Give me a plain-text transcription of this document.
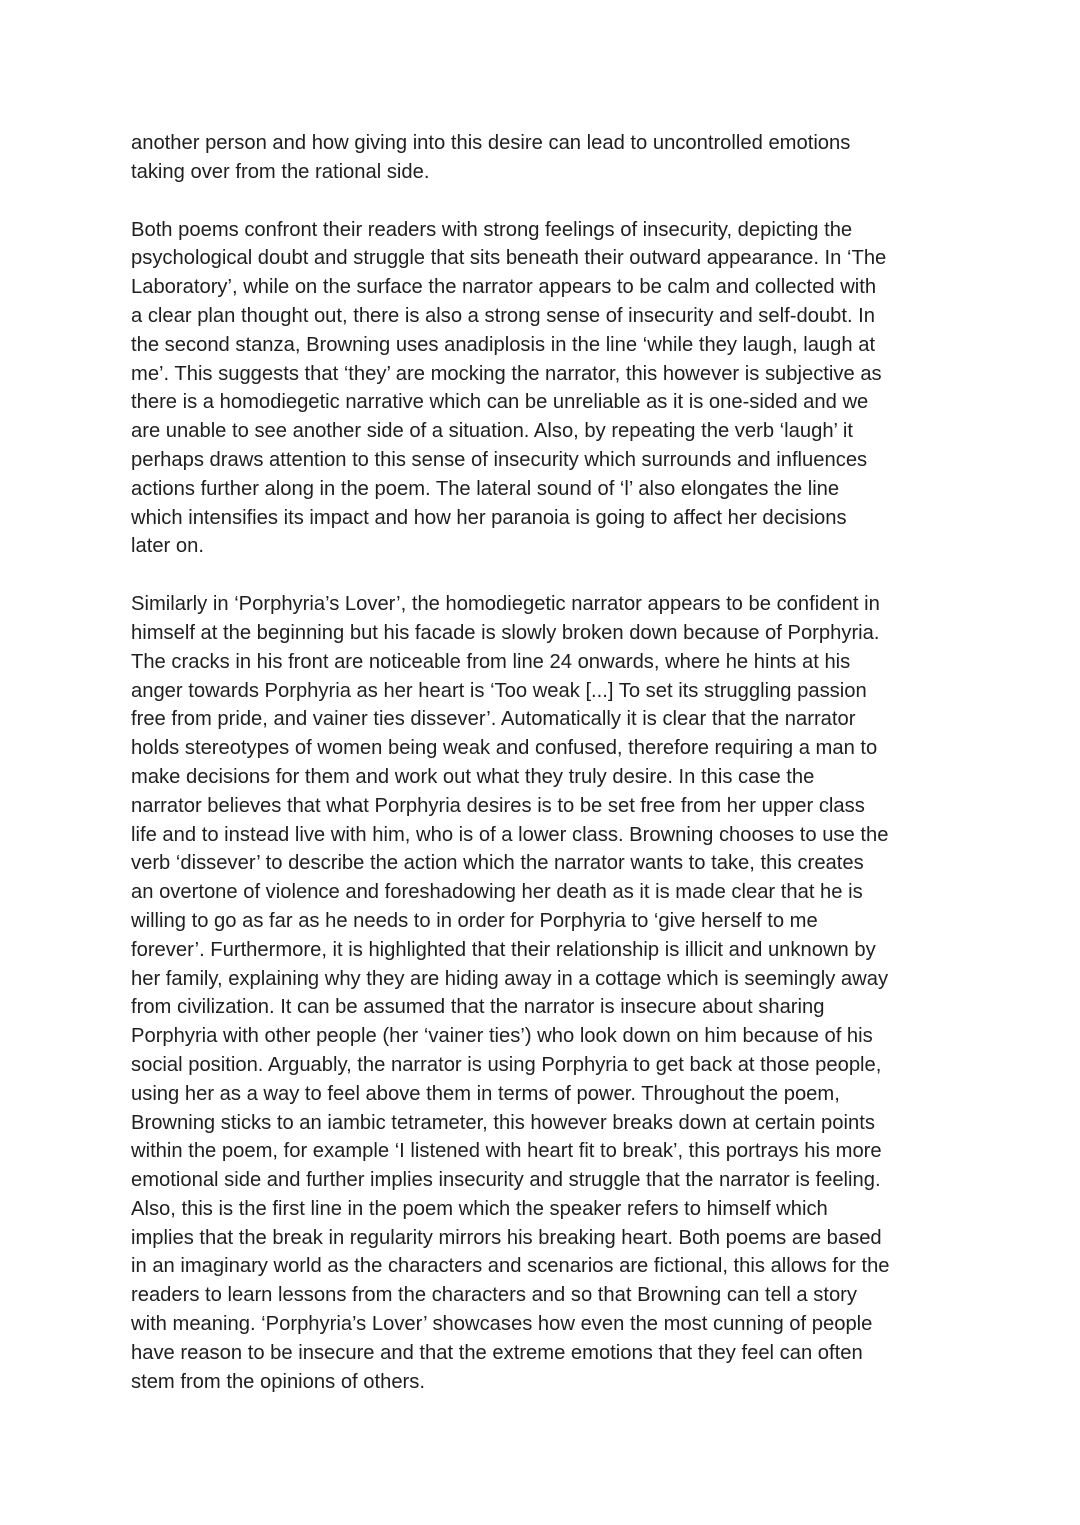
another person and how giving into this desire can lead to uncontrolled emotions
taking over from the rational side.

Both poems confront their readers with strong feelings of insecurity, depicting the
psychological doubt and struggle that sits beneath their outward appearance. In ‘The
Laboratory’, while on the surface the narrator appears to be calm and collected with
a clear plan thought out, there is also a strong sense of insecurity and self-doubt. In
the second stanza, Browning uses anadiplosis in the line ‘while they laugh, laugh at
me’. This suggests that ‘they’ are mocking the narrator, this however is subjective as
there is a homodiegetic narrative which can be unreliable as it is one-sided and we
are unable to see another side of a situation. Also, by repeating the verb ‘laugh’ it
perhaps draws attention to this sense of insecurity which surrounds and influences
actions further along in the poem. The lateral sound of ‘l’ also elongates the line
which intensifies its impact and how her paranoia is going to affect her decisions
later on.

Similarly in ‘Porphyria’s Lover’, the homodiegetic narrator appears to be confident in
himself at the beginning but his facade is slowly broken down because of Porphyria.
The cracks in his front are noticeable from line 24 onwards, where he hints at his
anger towards Porphyria as her heart is ‘Too weak [...] To set its struggling passion
free from pride, and vainer ties dissever’. Automatically it is clear that the narrator
holds stereotypes of women being weak and confused, therefore requiring a man to
make decisions for them and work out what they truly desire. In this case the
narrator believes that what Porphyria desires is to be set free from her upper class
life and to instead live with him, who is of a lower class. Browning chooses to use the
verb ‘dissever’ to describe the action which the narrator wants to take, this creates
an overtone of violence and foreshadowing her death as it is made clear that he is
willing to go as far as he needs to in order for Porphyria to ‘give herself to me
forever’. Furthermore, it is highlighted that their relationship is illicit and unknown by
her family, explaining why they are hiding away in a cottage which is seemingly away
from civilization. It can be assumed that the narrator is insecure about sharing
Porphyria with other people (her ‘vainer ties’) who look down on him because of his
social position. Arguably, the narrator is using Porphyria to get back at those people,
using her as a way to feel above them in terms of power. Throughout the poem,
Browning sticks to an iambic tetrameter, this however breaks down at certain points
within the poem, for example ‘I listened with heart fit to break’, this portrays his more
emotional side and further implies insecurity and struggle that the narrator is feeling.
Also, this is the first line in the poem which the speaker refers to himself which
implies that the break in regularity mirrors his breaking heart. Both poems are based
in an imaginary world as the characters and scenarios are fictional, this allows for the
readers to learn lessons from the characters and so that Browning can tell a story
with meaning. ‘Porphyria’s Lover’ showcases how even the most cunning of people
have reason to be insecure and that the extreme emotions that they feel can often
stem from the opinions of others.
